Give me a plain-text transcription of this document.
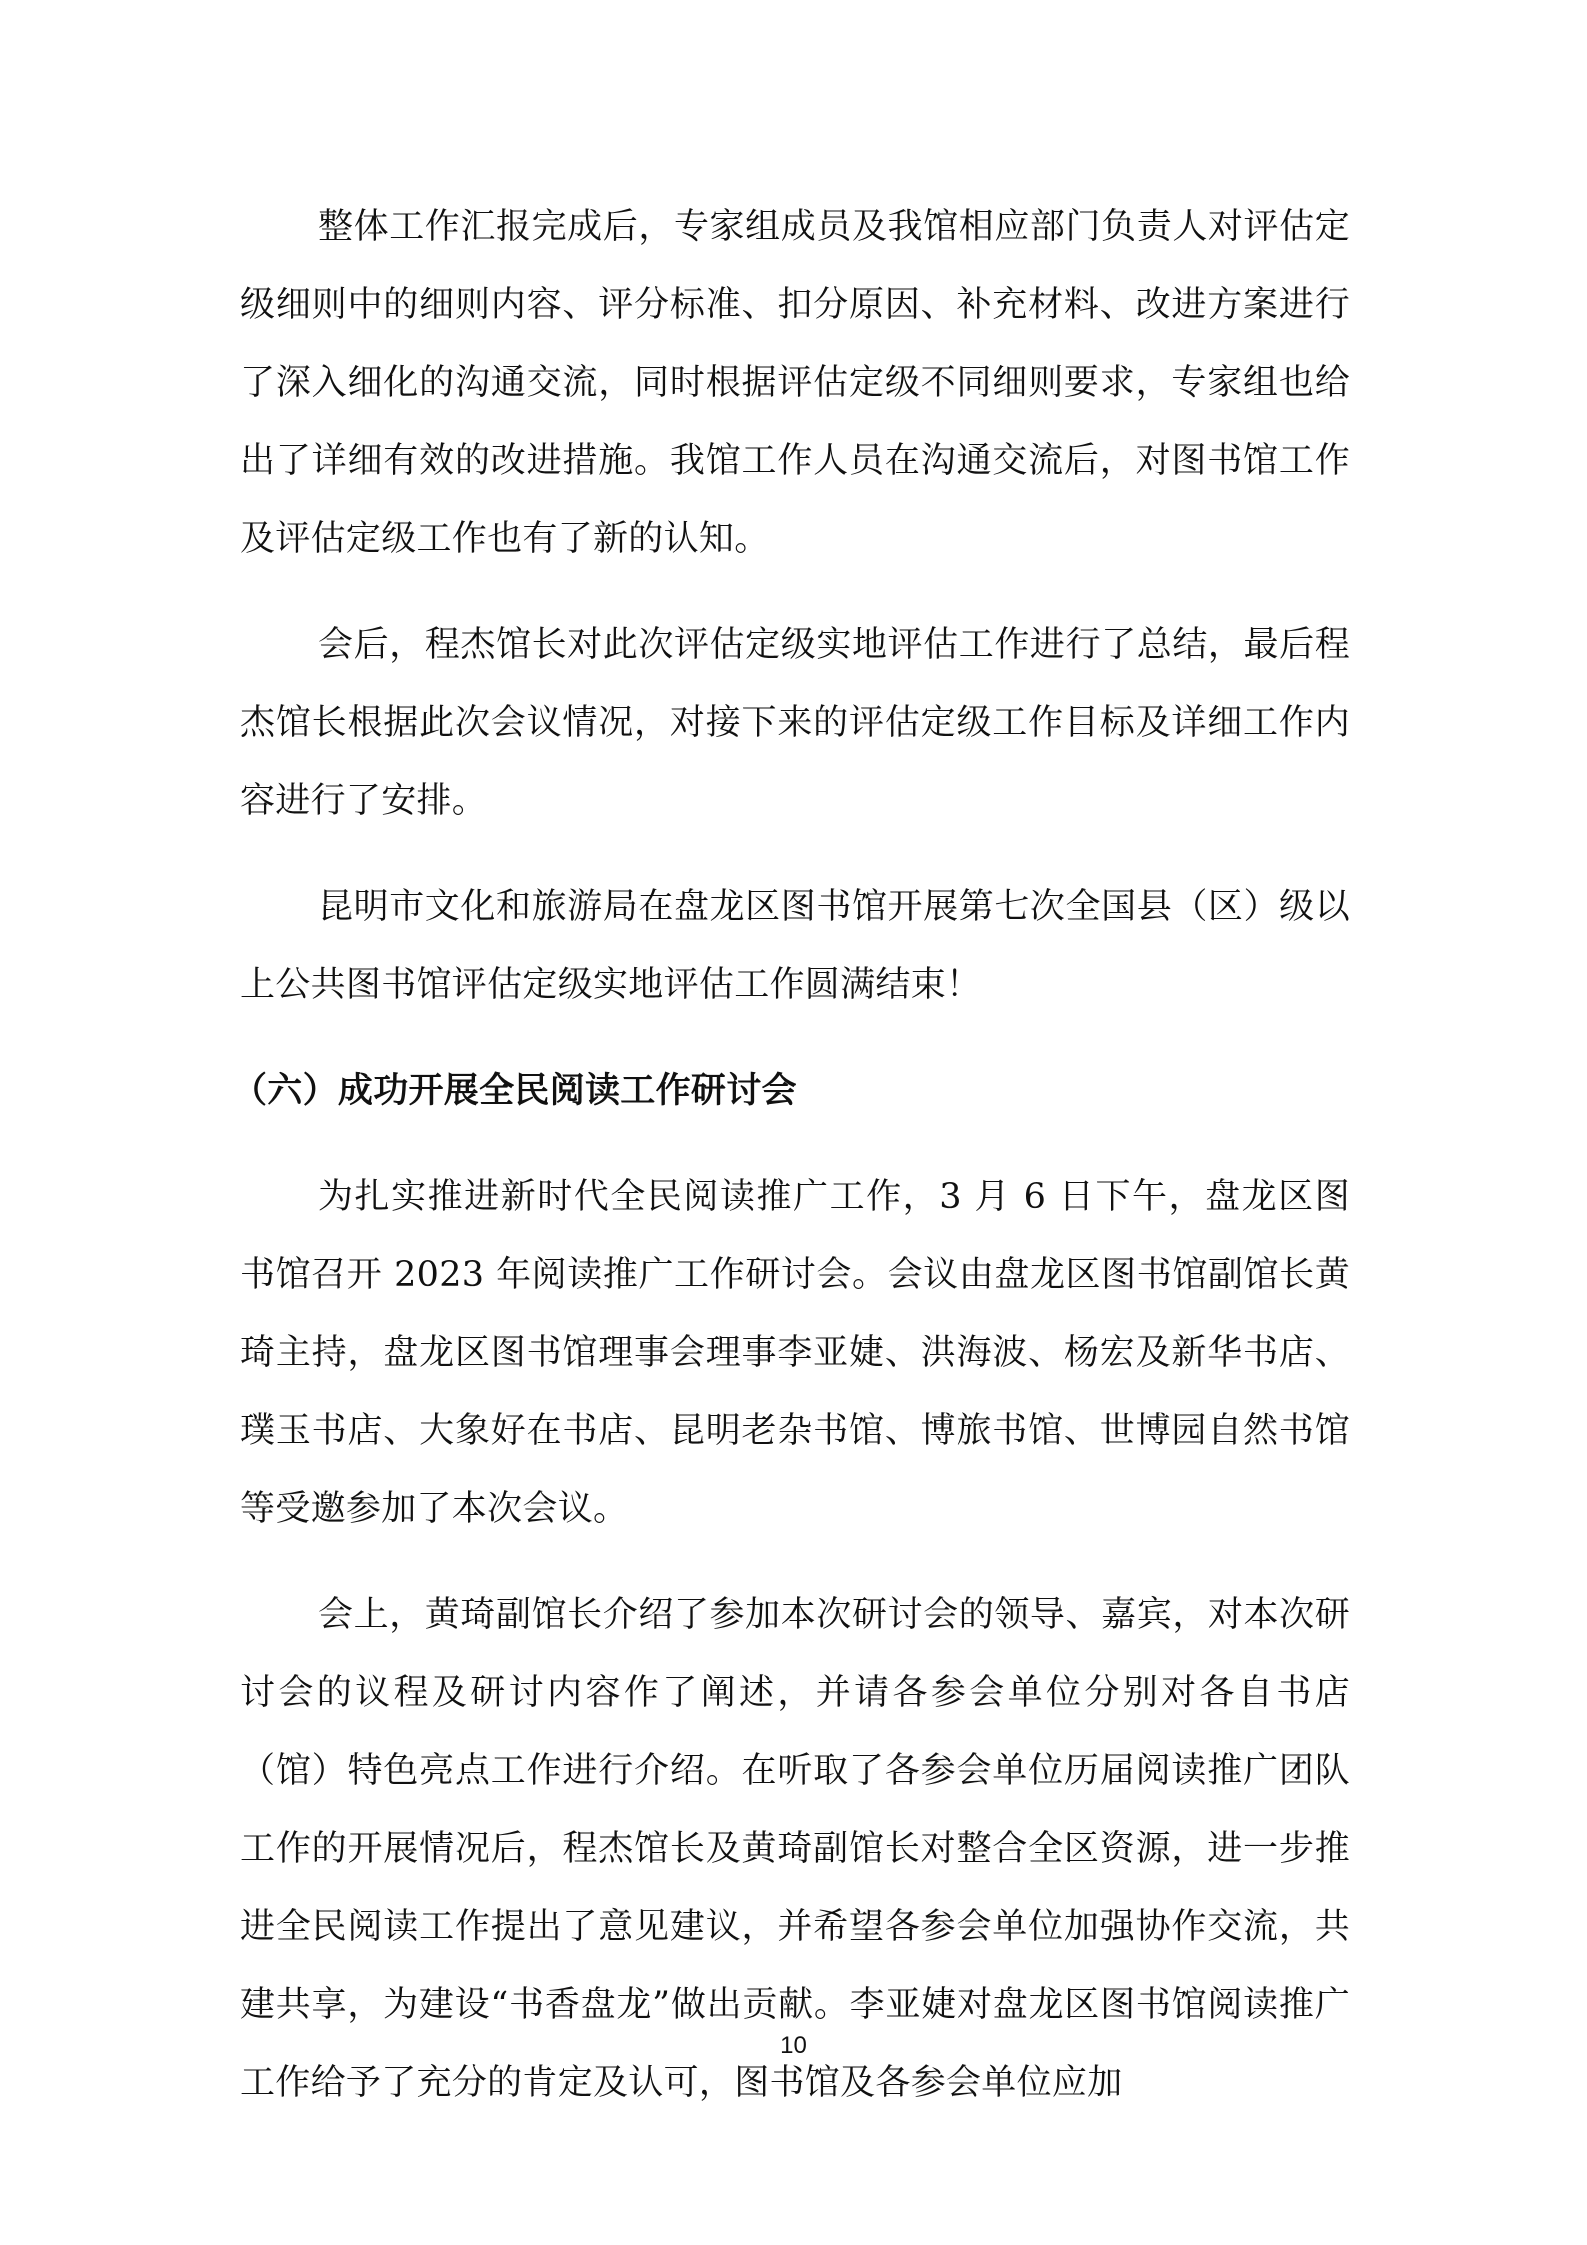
整体工作汇报完成后，专家组成员及我馆相应部门负责人对评估定级细则中的细则内容、评分标准、扣分原因、补充材料、改进方案进行了深入细化的沟通交流，同时根据评估定级不同细则要求，专家组也给出了详细有效的改进措施。我馆工作人员在沟通交流后，对图书馆工作及评估定级工作也有了新的认知。

会后，程杰馆长对此次评估定级实地评估工作进行了总结，最后程杰馆长根据此次会议情况，对接下来的评估定级工作目标及详细工作内容进行了安排。

昆明市文化和旅游局在盘龙区图书馆开展第七次全国县（区）级以上公共图书馆评估定级实地评估工作圆满结束！

（六）成功开展全民阅读工作研讨会

为扎实推进新时代全民阅读推广工作，3 月 6 日下午，盘龙区图书馆召开 2023 年阅读推广工作研讨会。会议由盘龙区图书馆副馆长黄琦主持，盘龙区图书馆理事会理事李亚婕、洪海波、杨宏及新华书店、璞玉书店、大象好在书店、昆明老杂书馆、博旅书馆、世博园自然书馆等受邀参加了本次会议。

会上，黄琦副馆长介绍了参加本次研讨会的领导、嘉宾，对本次研讨会的议程及研讨内容作了阐述，并请各参会单位分别对各自书店（馆）特色亮点工作进行介绍。在听取了各参会单位历届阅读推广团队工作的开展情况后，程杰馆长及黄琦副馆长对整合全区资源，进一步推进全民阅读工作提出了意见建议，并希望各参会单位加强协作交流，共建共享，为建设“书香盘龙”做出贡献。李亚婕对盘龙区图书馆阅读推广工作给予了充分的肯定及认可，图书馆及各参会单位应加

10
